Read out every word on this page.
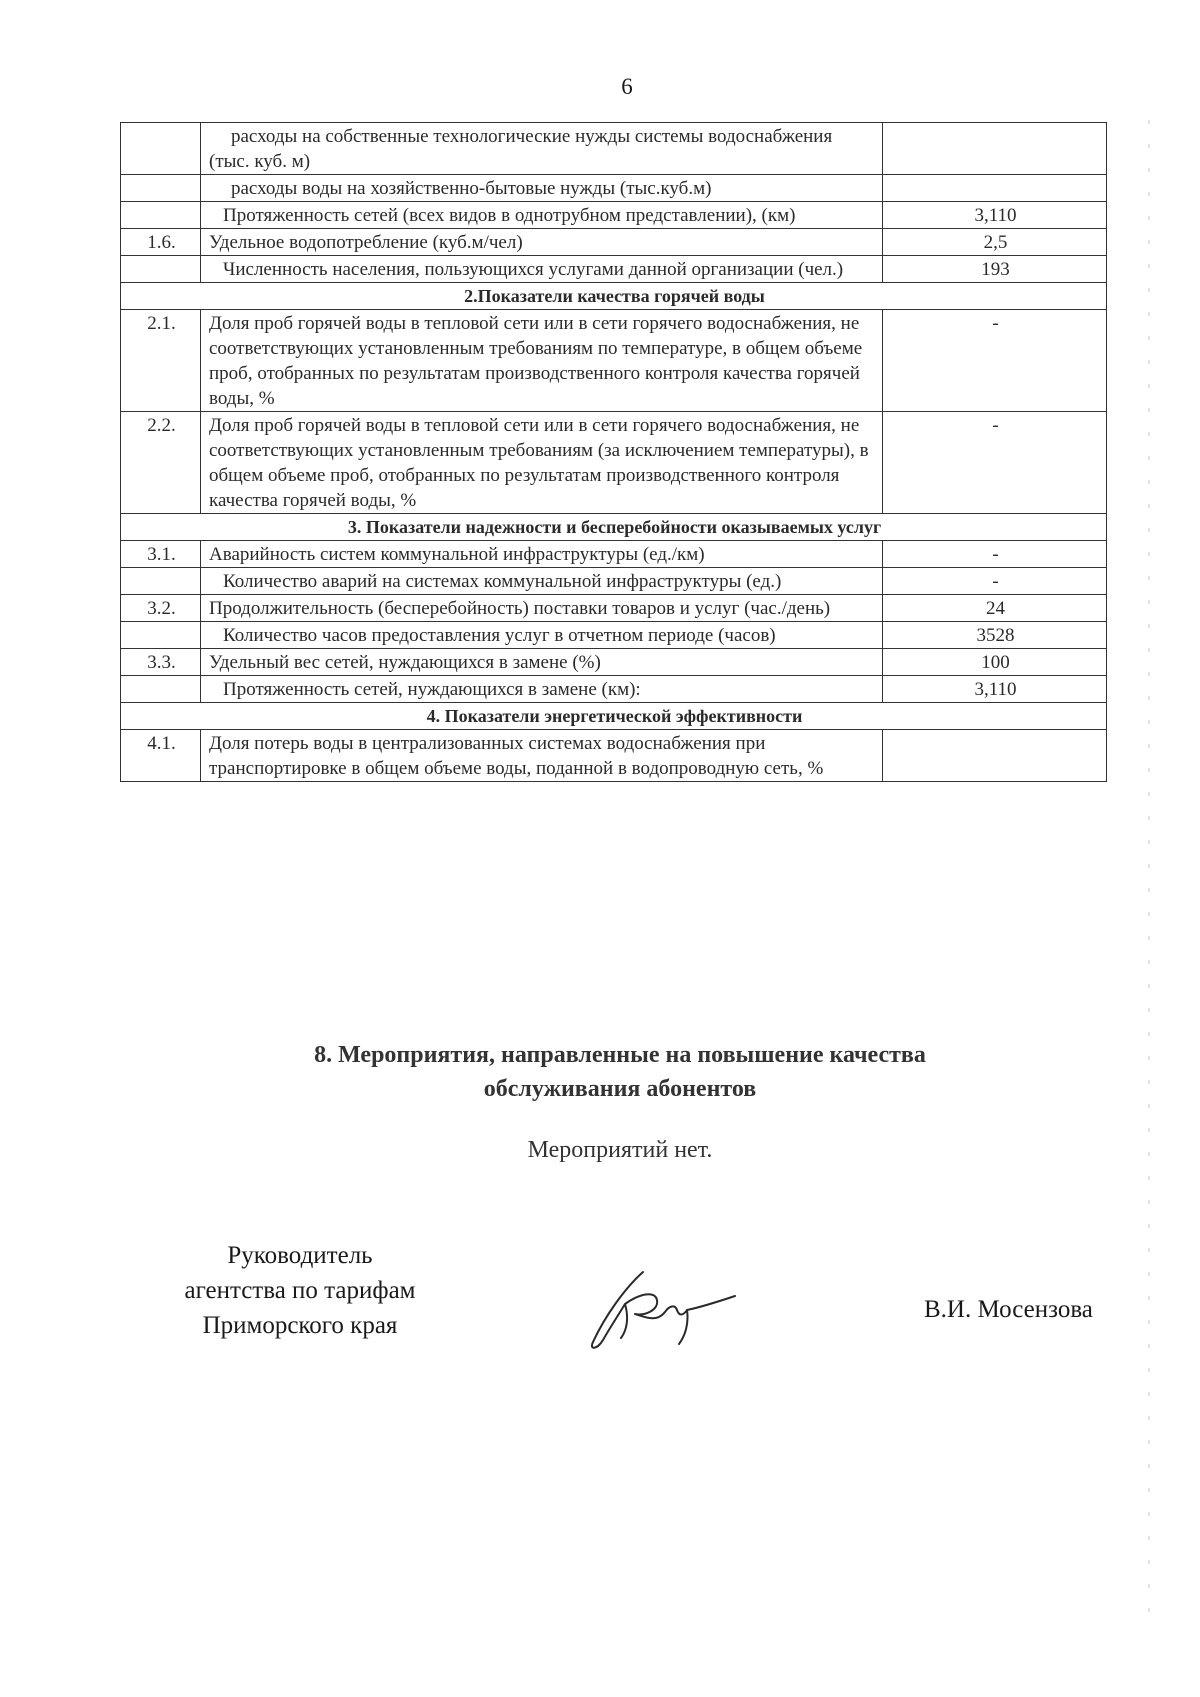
6
	расходы на собственные технологические нужды системы водоснабжения (тыс. куб. м)	
	расходы воды на хозяйственно-бытовые нужды (тыс.куб.м)	
	Протяженность сетей (всех видов в однотрубном представлении), (км)	3,110
1.6.	Удельное водопотребление (куб.м/чел)	2,5
	Численность населения, пользующихся услугами данной организации (чел.)	193
2.Показатели качества горячей воды		
2.1.	Доля проб горячей воды в тепловой сети или в сети горячего водоснабжения, не соответствующих установленным требованиям по температуре, в общем объеме проб, отобранных по результатам производственного контроля качества горячей воды, %	-
2.2.	Доля проб горячей воды в тепловой сети или в сети горячего водоснабжения, не соответствующих установленным требованиям (за исключением температуры), в общем объеме проб, отобранных по результатам производственного контроля качества горячей воды, %	-
3. Показатели надежности и бесперебойности оказываемых услуг		
3.1.	Аварийность систем коммунальной инфраструктуры (ед./км)	-
	Количество аварий на системах коммунальной инфраструктуры (ед.)	-
3.2.	Продолжительность (бесперебойность) поставки товаров и услуг (час./день)	24
	Количество часов предоставления услуг в отчетном периоде (часов)	3528
3.3.	Удельный вес сетей, нуждающихся в замене (%)	100
	Протяженность сетей, нуждающихся в замене (км):	3,110
4. Показатели энергетической эффективности		
4.1.	Доля потерь воды в централизованных системах водоснабжения при транспортировке в общем объеме воды, поданной в водопроводную сеть, %	
8. Мероприятия, направленные на повышение качества
обслуживания абонентов
Мероприятий нет.
Руководитель
агентства по тарифам
Приморского края
В.И. Мосензова
